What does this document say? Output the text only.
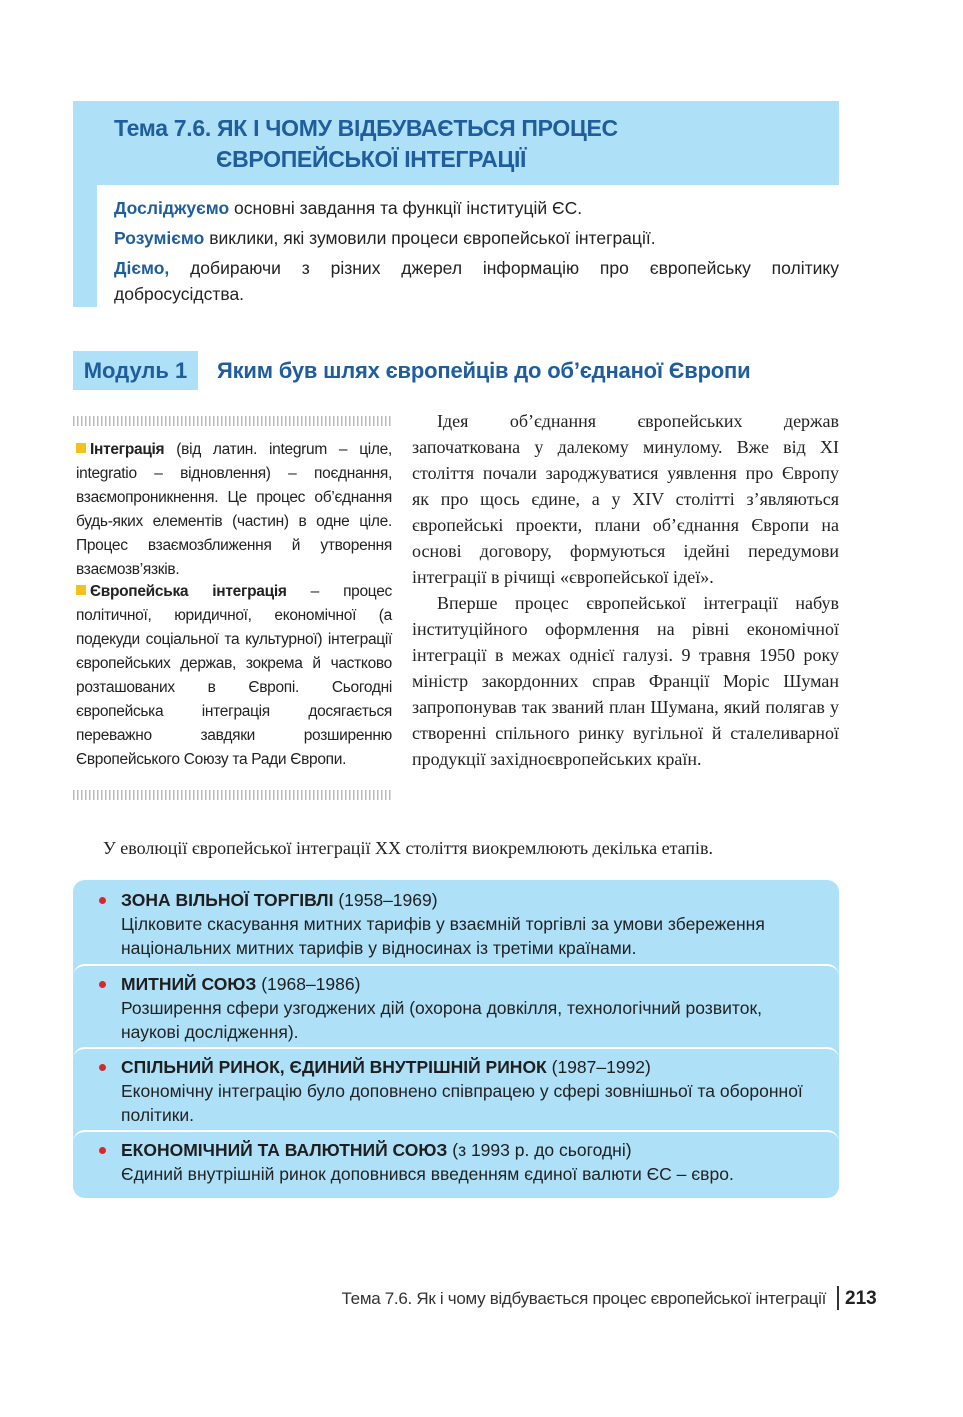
Тема 7.6. ЯК І ЧОМУ ВІДБУВАЄТЬСЯ ПРОЦЕС
ЄВРОПЕЙСЬКОЇ ІНТЕГРАЦІЇ
Досліджуємо основні завдання та функції інституцій ЄС.
Розуміємо виклики, які зумовили процеси європейської інтеграції.
Діємо, добираючи з різних джерел інформацію про європейську політику добросусідства.
Модуль 1	Яким був шлях європейців до об’єднаної Європи
Інтеграція (від латин. integrum – ціле, integratio – відновлення) – поєднання, взаємопроникнення. Це процес об’єднання будь-яких елементів (частин) в одне ціле. Процес взаємозближення й утворення взаємозв’язків.
Європейська інтеграція – процес політичної, юридичної, економічної (а подекуди соціальної та культурної) інтеграції європейських держав, зокрема й частково розташованих в Європі. Сьогодні європейська інтеграція досягається переважно завдяки розширенню Європейського Союзу та Ради Європи.

Ідея об’єднання європейських держав започаткована у далекому минулому. Вже від XI століття почали зароджуватися уявлення про Європу як про щось єдине, а у XIV столітті з’являються європейські проекти, плани об’єднання Європи на основі договору, формуються ідейні передумови інтеграції в річищі «європейської ідеї».

Вперше процес європейської інтеграції набув інституційного оформлення на рівні економічної інтеграції в межах однієї галузі. 9 травня 1950 року міністр закордонних справ Франції Моріс Шуман запропонував так званий план Шумана, який полягав у створенні спільного ринку вугільної й сталеливарної продукції західноєвропейських країн.

У еволюції європейської інтеграції ХХ століття виокремлюють декілька етапів.
ЗОНА ВІЛЬНОЇ ТОРГІВЛІ (1958–1969)
Цілковите скасування митних тарифів у взаємній торгівлі за умови збереження національних митних тарифів у відносинах із третіми країнами.
МИТНИЙ СОЮЗ (1968–1986)
Розширення сфери узгоджених дій (охорона довкілля, технологічний розвиток, наукові дослідження).
СПІЛЬНИЙ РИНОК, ЄДИНИЙ ВНУТРІШНІЙ РИНОК (1987–1992)
Економічну інтеграцію було доповнено співпрацею у сфері зовнішньої та оборонної політики.
ЕКОНОМІЧНИЙ ТА ВАЛЮТНИЙ СОЮЗ (з 1993 р. до сьогодні)
Єдиний внутрішній ринок доповнився введенням єдиної валюти ЄС – євро.
Тема 7.6. Як і чому відбувається процес європейської інтеграції 213
